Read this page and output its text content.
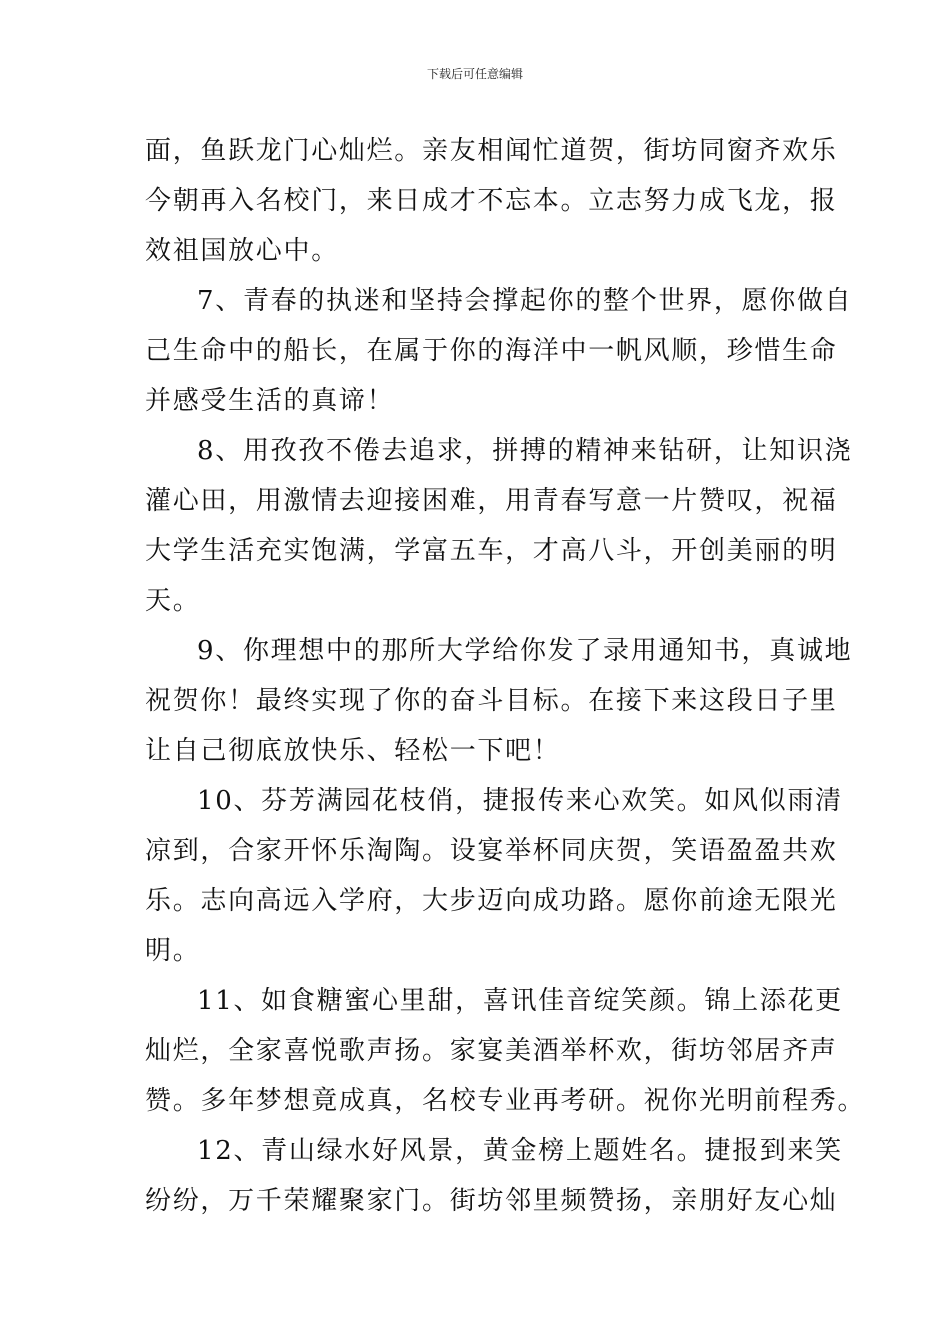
下载后可任意编辑
面，鱼跃龙门心灿烂。亲友相闻忙道贺，街坊同窗齐欢乐
今朝再入名校门，来日成才不忘本。立志努力成飞龙，报
效祖国放心中。
7、青春的执迷和坚持会撑起你的整个世界，愿你做自
己生命中的船长，在属于你的海洋中一帆风顺，珍惜生命
并感受生活的真谛！
8、用孜孜不倦去追求，拼搏的精神来钻研，让知识浇
灌心田，用激情去迎接困难，用青春写意一片赞叹，祝福
大学生活充实饱满，学富五车，才高八斗，开创美丽的明
天。
9、你理想中的那所大学给你发了录用通知书，真诚地
祝贺你！最终实现了你的奋斗目标。在接下来这段日子里
让自己彻底放快乐、轻松一下吧！
10、芬芳满园花枝俏，捷报传来心欢笑。如风似雨清
凉到，合家开怀乐淘陶。设宴举杯同庆贺，笑语盈盈共欢
乐。志向高远入学府，大步迈向成功路。愿你前途无限光
明。
11、如食糖蜜心里甜，喜讯佳音绽笑颜。锦上添花更
灿烂，全家喜悦歌声扬。家宴美酒举杯欢，街坊邻居齐声
赞。多年梦想竟成真，名校专业再考研。祝你光明前程秀。
12、青山绿水好风景，黄金榜上题姓名。捷报到来笑
纷纷，万千荣耀聚家门。街坊邻里频赞扬，亲朋好友心灿
